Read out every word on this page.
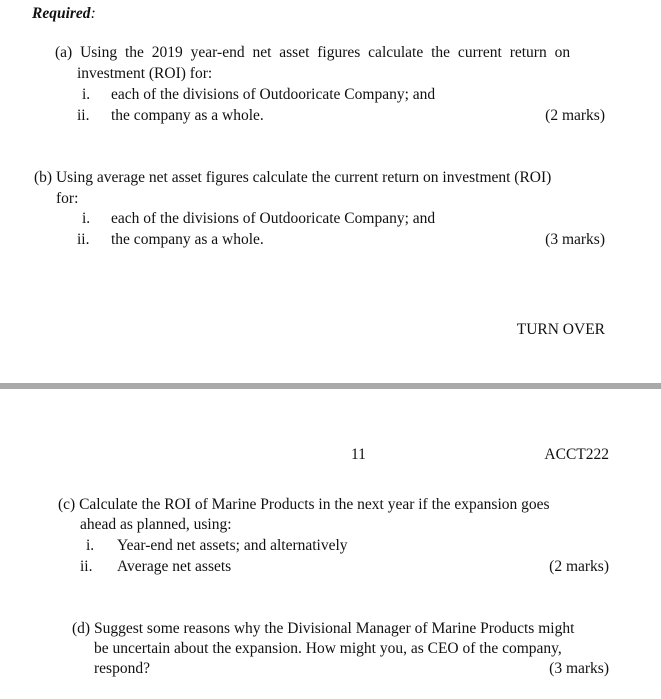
Required:
(a) Using the 2019 year-end net asset figures calculate the current return on
investment (ROI) for:
i. each of the divisions of Outdooricate Company; and
ii. the company as a whole.	(2 marks)
(b) Using average net asset figures calculate the current return on investment (ROI)
for:
i. each of the divisions of Outdooricate Company; and
ii. the company as a whole.	(3 marks)
TURN OVER
11	ACCT222
(c) Calculate the ROI of Marine Products in the next year if the expansion goes
ahead as planned, using:
i. Year-end net assets; and alternatively
ii. Average net assets	(2 marks)
(d) Suggest some reasons why the Divisional Manager of Marine Products might
be uncertain about the expansion. How might you, as CEO of the company,
respond?	(3 marks)
